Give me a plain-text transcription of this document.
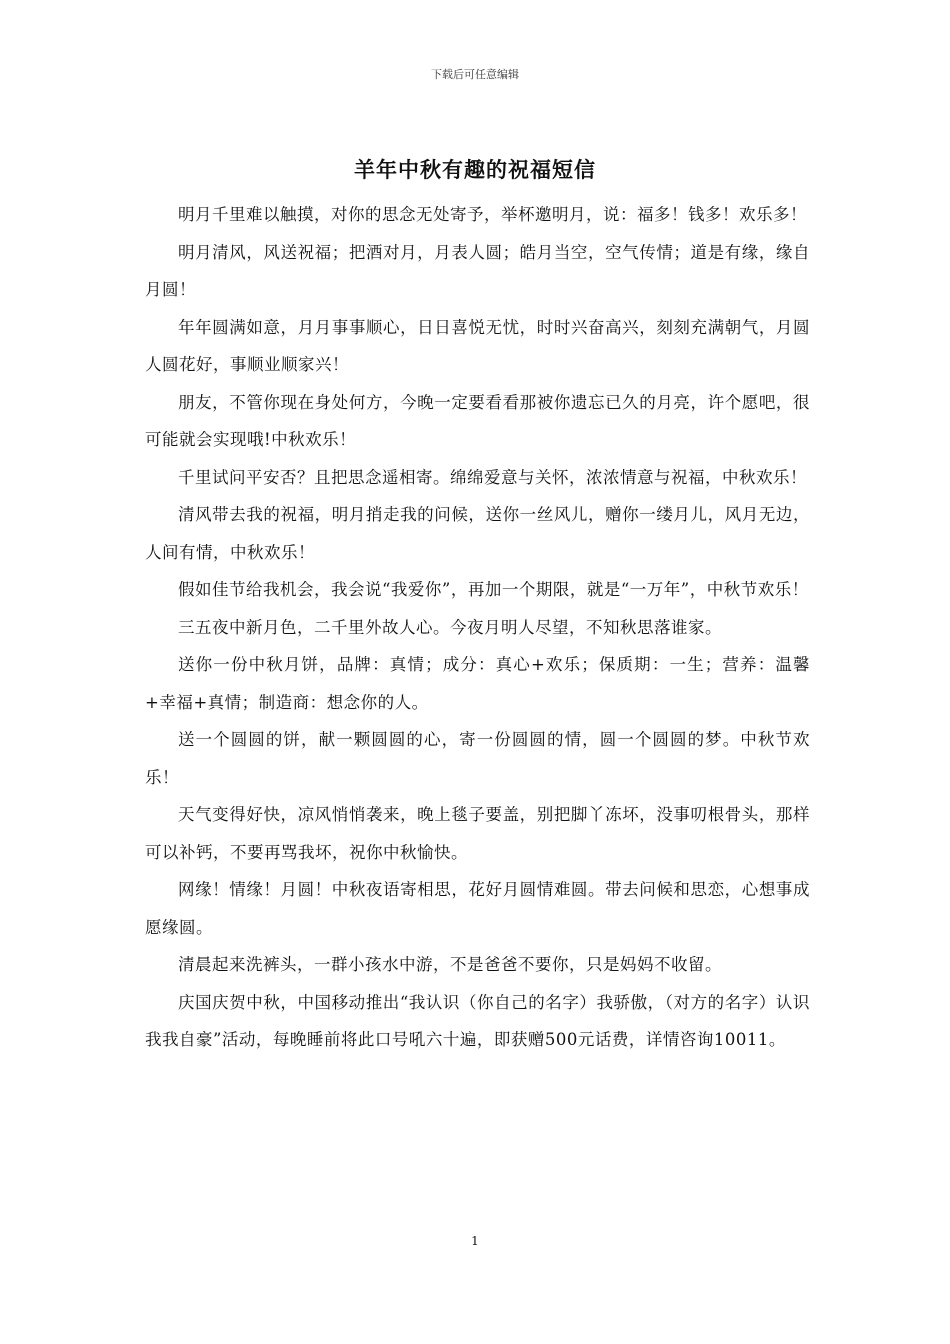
下载后可任意编辑
羊年中秋有趣的祝福短信

明月千里难以触摸，对你的思念无处寄予，举杯邀明月，说：福多！钱多！欢乐多！

明月清风，风送祝福；把酒对月，月表人圆；皓月当空，空气传情；道是有缘，缘自月圆！

年年圆满如意，月月事事顺心，日日喜悦无忧，时时兴奋高兴，刻刻充满朝气，月圆人圆花好，事顺业顺家兴！

朋友，不管你现在身处何方，今晚一定要看看那被你遗忘已久的月亮，许个愿吧，很可能就会实现哦!中秋欢乐！

千里试问平安否？且把思念遥相寄。绵绵爱意与关怀，浓浓情意与祝福，中秋欢乐！

清风带去我的祝福，明月捎走我的问候，送你一丝风儿，赠你一缕月儿，风月无边，人间有情，中秋欢乐！

假如佳节给我机会，我会说“我爱你”，再加一个期限，就是“一万年”，中秋节欢乐！

三五夜中新月色，二千里外故人心。今夜月明人尽望，不知秋思落谁家。

送你一份中秋月饼，品牌：真情；成分：真心+欢乐；保质期：一生；营养：温馨+幸福+真情；制造商：想念你的人。

送一个圆圆的饼，献一颗圆圆的心，寄一份圆圆的情，圆一个圆圆的梦。中秋节欢乐！

天气变得好快，凉风悄悄袭来，晚上毯子要盖，别把脚丫冻坏，没事叨根骨头，那样可以补钙，不要再骂我坏，祝你中秋愉快。

网缘！情缘！月圆！中秋夜语寄相思，花好月圆情难圆。带去问候和思恋，心想事成愿缘圆。

清晨起来洗裤头，一群小孩水中游，不是爸爸不要你，只是妈妈不收留。

庆国庆贺中秋，中国移动推出“我认识（你自己的名字）我骄傲，（对方的名字）认识我我自豪”活动，每晚睡前将此口号吼六十遍，即获赠500元话费，详情咨询10011。

1
